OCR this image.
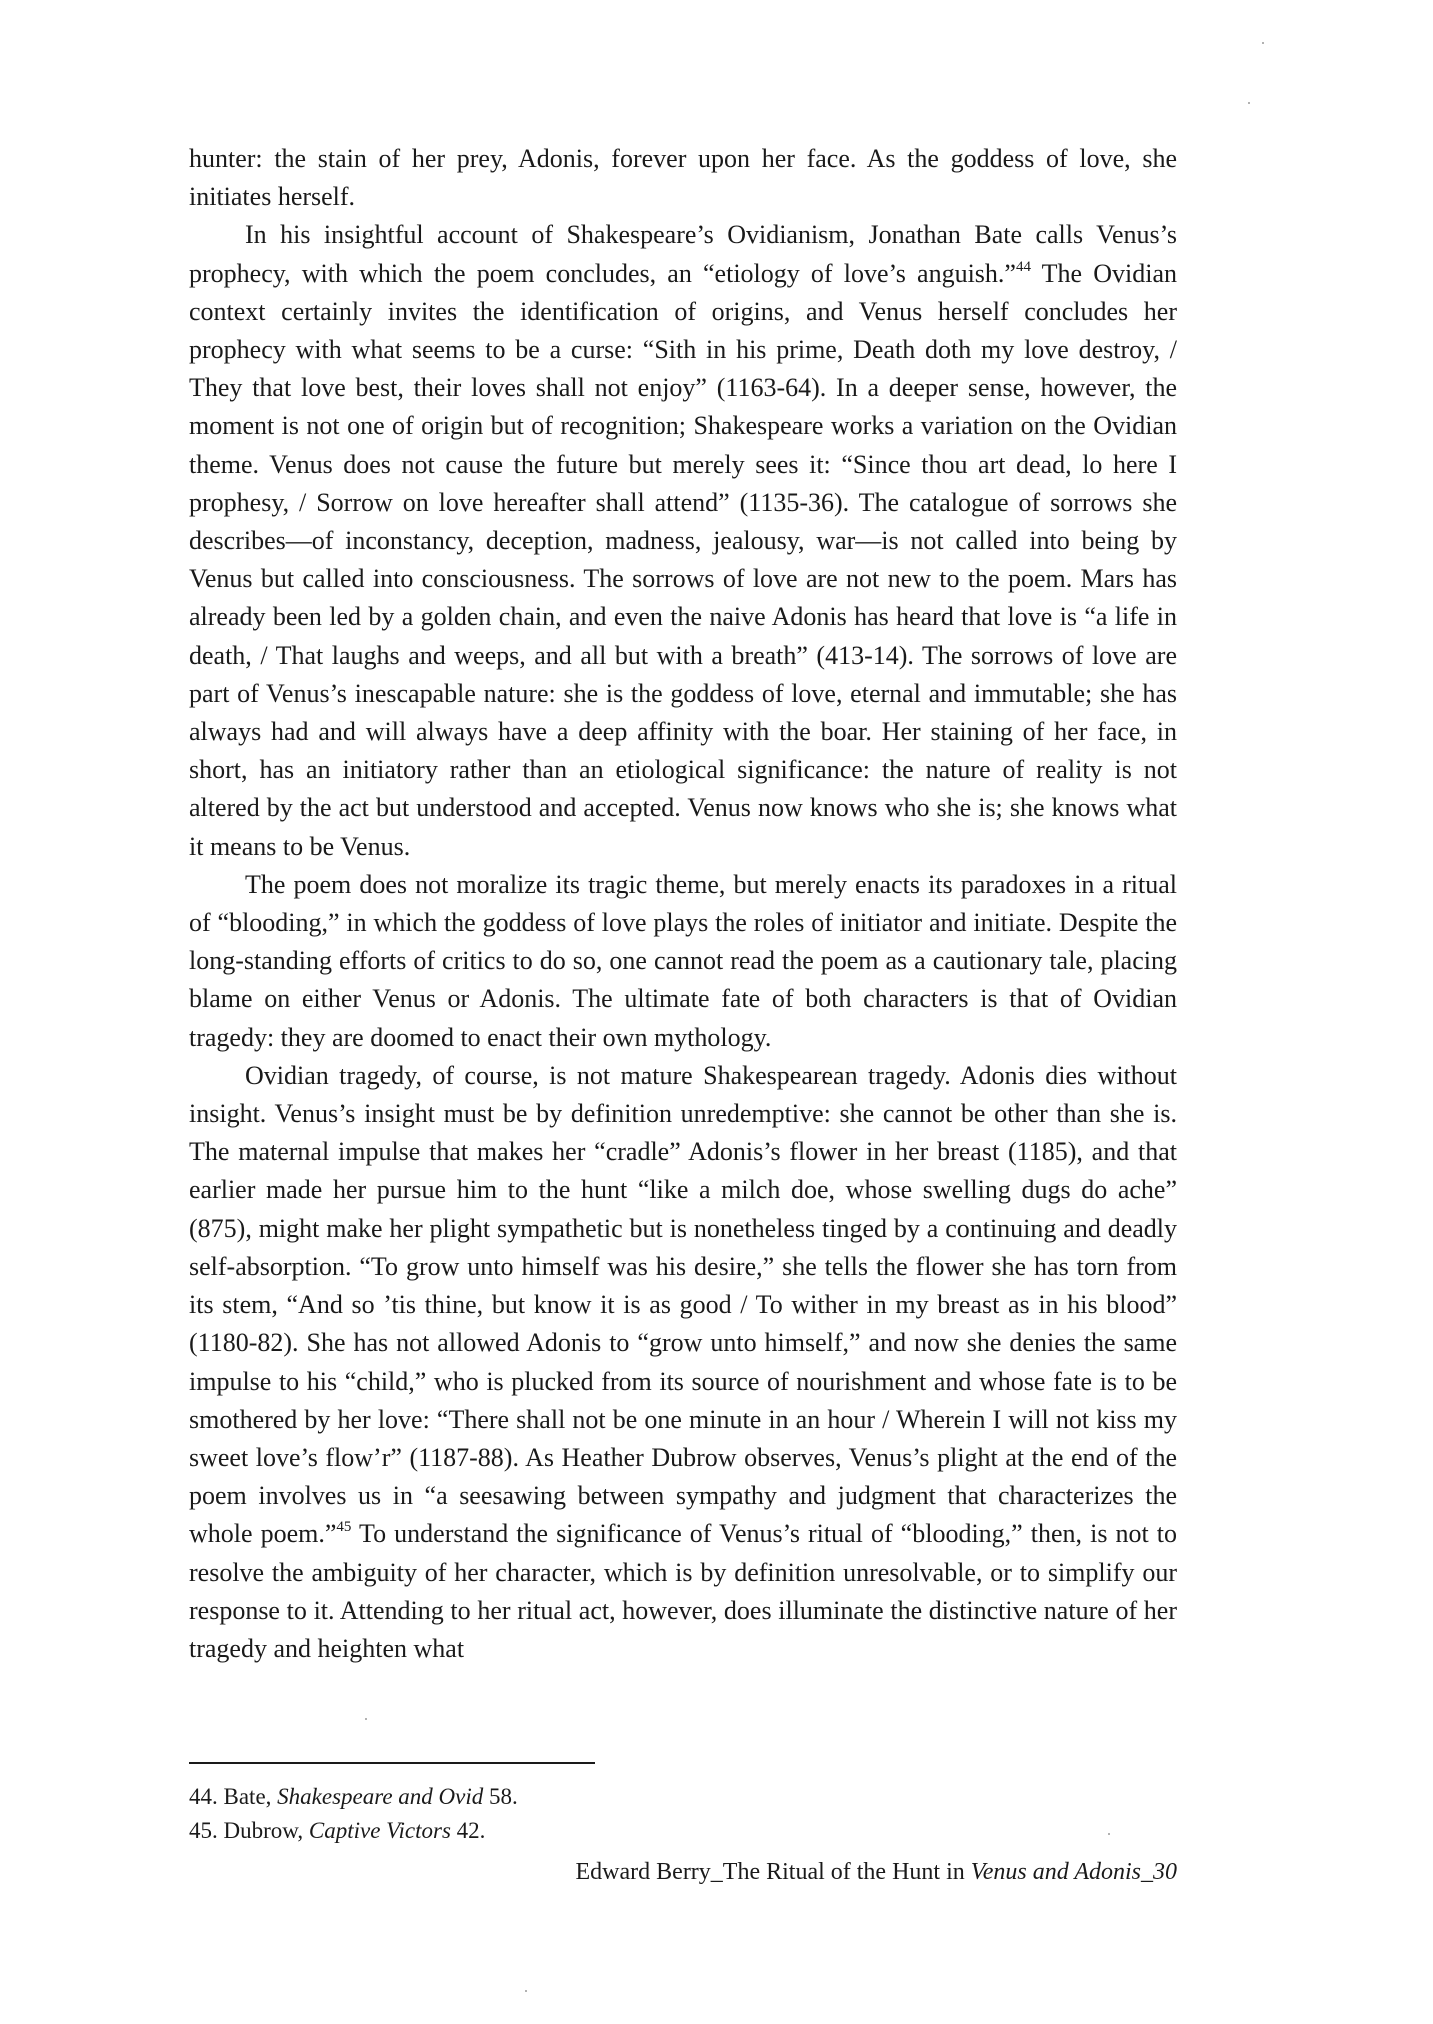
hunter: the stain of her prey, Adonis, forever upon her face. As the goddess of love, she initiates herself.

In his insightful account of Shakespeare’s Ovidianism, Jonathan Bate calls Venus’s prophecy, with which the poem concludes, an “etiology of love’s anguish.”$^{44}$ The Ovidian context certainly invites the identification of origins, and Venus herself concludes her prophecy with what seems to be a curse: “Sith in his prime, Death doth my love destroy, / They that love best, their loves shall not enjoy” (1163-64). In a deeper sense, however, the moment is not one of origin but of recognition; Shakespeare works a variation on the Ovidian theme. Venus does not cause the future but merely sees it: “Since thou art dead, lo here I prophesy, / Sorrow on love hereafter shall attend” (1135-36). The catalogue of sorrows she describes—of inconstancy, deception, madness, jealousy, war—is not called into being by Venus but called into consciousness. The sorrows of love are not new to the poem. Mars has already been led by a golden chain, and even the naive Adonis has heard that love is “a life in death, / That laughs and weeps, and all but with a breath” (413-14). The sorrows of love are part of Venus’s inescapable nature: she is the goddess of love, eternal and immutable; she has always had and will always have a deep affinity with the boar. Her staining of her face, in short, has an initiatory rather than an etiological significance: the nature of reality is not altered by the act but understood and accepted. Venus now knows who she is; she knows what it means to be Venus.

The poem does not moralize its tragic theme, but merely enacts its paradoxes in a ritual of “blooding,” in which the goddess of love plays the roles of initiator and initiate. Despite the long-standing efforts of critics to do so, one cannot read the poem as a cautionary tale, placing blame on either Venus or Adonis. The ultimate fate of both characters is that of Ovidian tragedy: they are doomed to enact their own mythology.

Ovidian tragedy, of course, is not mature Shakespearean tragedy. Adonis dies without insight. Venus’s insight must be by definition unredemptive: she cannot be other than she is. The maternal impulse that makes her “cradle” Adonis’s flower in her breast (1185), and that earlier made her pursue him to the hunt “like a milch doe, whose swelling dugs do ache” (875), might make her plight sympathetic but is nonetheless tinged by a continuing and deadly self-absorption. “To grow unto himself was his desire,” she tells the flower she has torn from its stem, “And so ’tis thine, but know it is as good / To wither in my breast as in his blood” (1180-82). She has not allowed Adonis to “grow unto himself,” and now she denies the same impulse to his “child,” who is plucked from its source of nourishment and whose fate is to be smothered by her love: “There shall not be one minute in an hour / Wherein I will not kiss my sweet love’s flow’r” (1187-88). As Heather Dubrow observes, Venus’s plight at the end of the poem involves us in “a seesawing between sympathy and judgment that characterizes the whole poem.”$^{45}$ To understand the significance of Venus’s ritual of “blooding,” then, is not to resolve the ambiguity of her character, which is by definition unresolvable, or to simplify our response to it. Attending to her ritual act, however, does illuminate the distinctive nature of her tragedy and heighten what

44. Bate, Shakespeare and Ovid 58.

45. Dubrow, Captive Victors 42.

Edward Berry_The Ritual of the Hunt in Venus and Adonis_30
